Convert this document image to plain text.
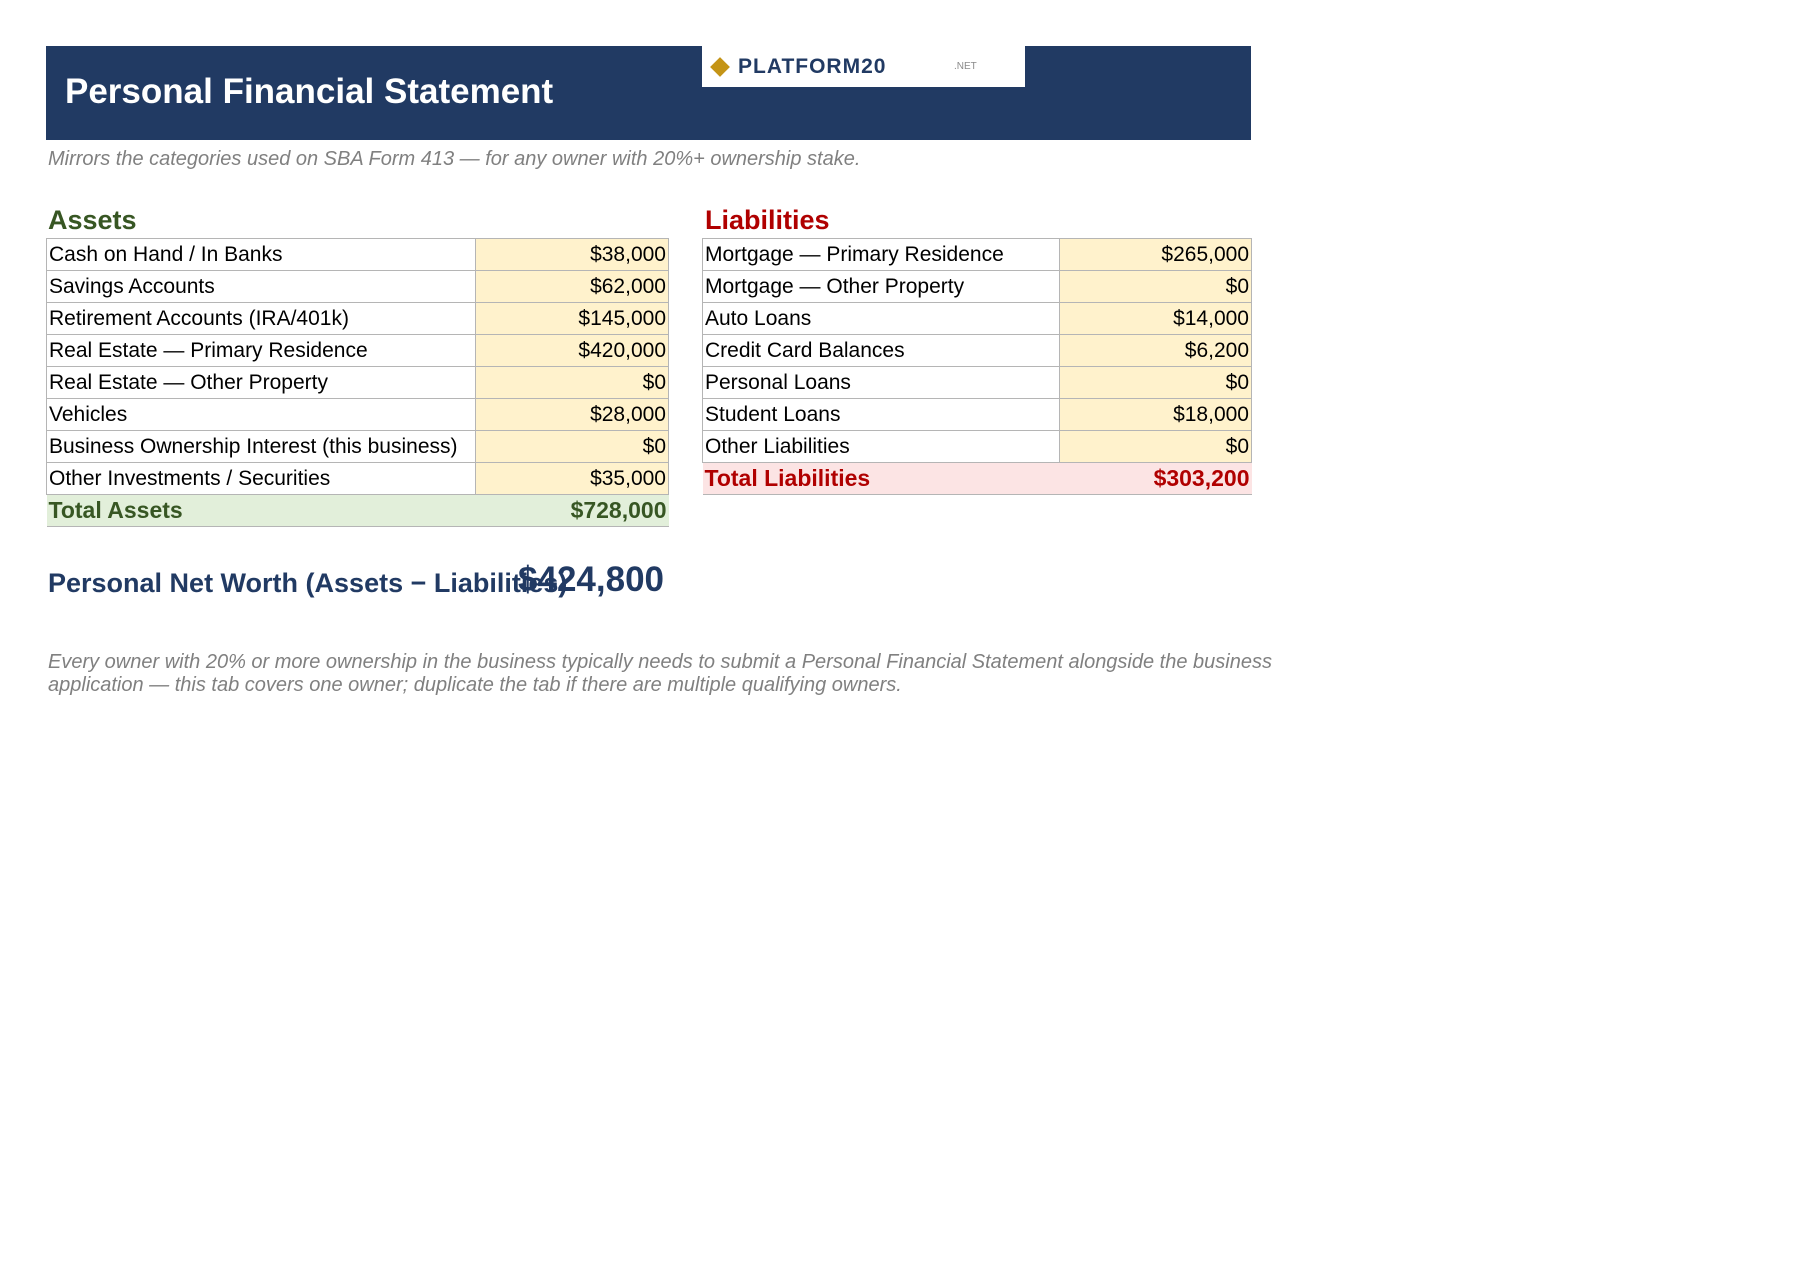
Personal Financial Statement
PLATFORM20	.NET
Mirrors the categories used on SBA Form 413 — for any owner with 20%+ ownership stake.
Assets	Liabilities
Cash on Hand / In Banks	$38,000
Savings Accounts	$62,000
Retirement Accounts (IRA/401k)	$145,000
Real Estate — Primary Residence	$420,000
Real Estate — Other Property	$0
Vehicles	$28,000
Business Ownership Interest (this business)	$0
Other Investments / Securities	$35,000
Total Assets	$728,000
Mortgage — Primary Residence	$265,000
Mortgage — Other Property	$0
Auto Loans	$14,000
Credit Card Balances	$6,200
Personal Loans	$0
Student Loans	$18,000
Other Liabilities	$0
Total Liabilities	$303,200
Personal Net Worth (Assets − Liabilities)
$424,800
Every owner with 20% or more ownership in the business typically needs to submit a Personal Financial Statement alongside the business application — this tab covers one owner; duplicate the tab if there are multiple qualifying owners.
